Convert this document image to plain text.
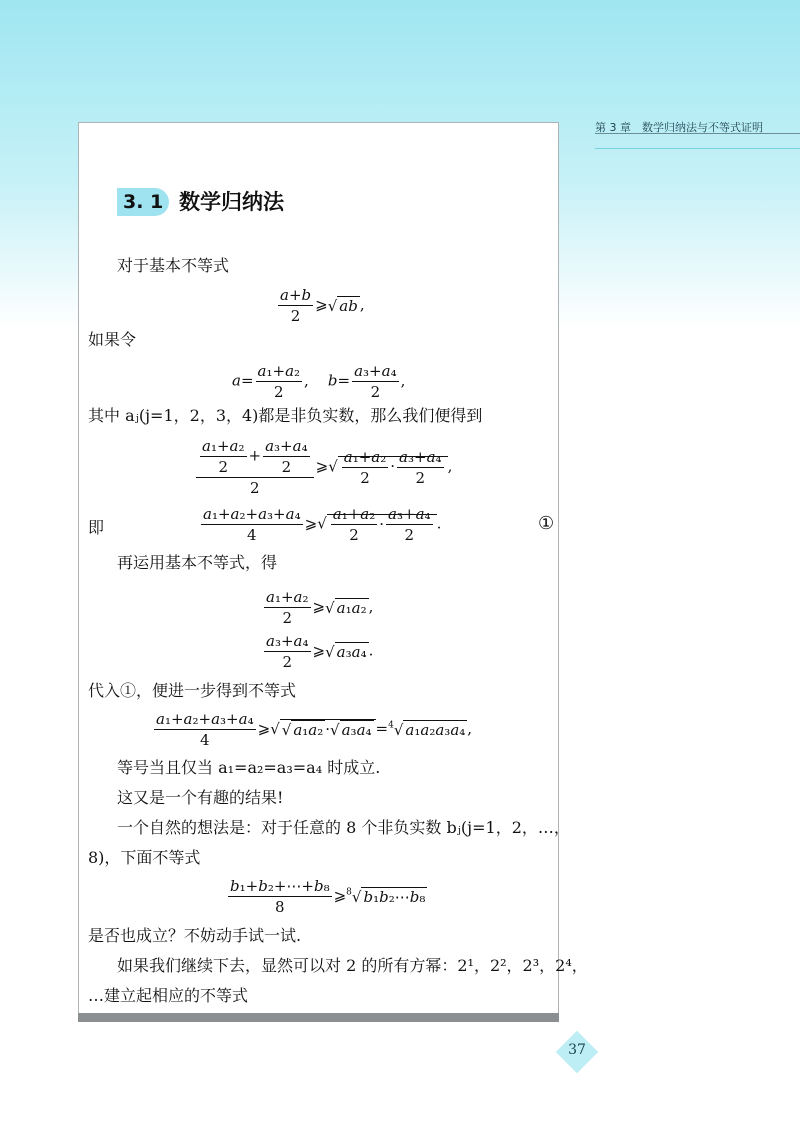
第 3 章　数学归纳法与不等式证明
3. 1 数学归纳法
对于基本不等式
$\frac{a+b}{2}$ ⩾√ ab ,
如果令
$a= \frac{\text{a₁+a₂}}{2}$ ,    $b= \frac{\text{a₃+a₄}}{2}$ ,
其中 aⱼ(j=1，2，3，4)都是非负实数，那么我们便得到
$\frac{\frac{\text{a₁+a₂}}{2} + \frac{\text{a₃+a₄}}{2}}{2}$ ⩾√ $\frac{\text{a₁+a₂}}{2} \cdot \frac{\text{a₃+a₄}}{2}$ ,
即	$\frac{\text{a₁+a₂+a₃+a₄}}{4}$ ⩾√ $\frac{\text{a₁+a₂}}{2} \cdot \frac{\text{a₃+a₄}}{2}$ .	①
再运用基本不等式，得
$\frac{\text{a₁+a₂}}{2}$ ⩾√ a₁a₂ ,
$\frac{\text{a₃+a₄}}{2}$ ⩾√ a₃a₄ .
代入①，便进一步得到不等式
$\frac{\text{a₁+a₂+a₃+a₄}}{4}$ ⩾√ √ a₁a₂ ·√ a₃a₄ =$^4$√ a₁a₂a₃a₄ ,
等号当且仅当 a₁=a₂=a₃=a₄ 时成立.
这又是一个有趣的结果!
一个自然的想法是：对于任意的 8 个非负实数 bⱼ(j=1，2，…，
8)，下面不等式
$\frac{\text{b₁+b₂+⋯+b₈}}{8}$ ⩾$^8$√ b₁b₂⋯b₈
是否也成立？不妨动手试一试.
如果我们继续下去，显然可以对 2 的所有方幂：2¹，2²，2³，2⁴，
…建立起相应的不等式
37
